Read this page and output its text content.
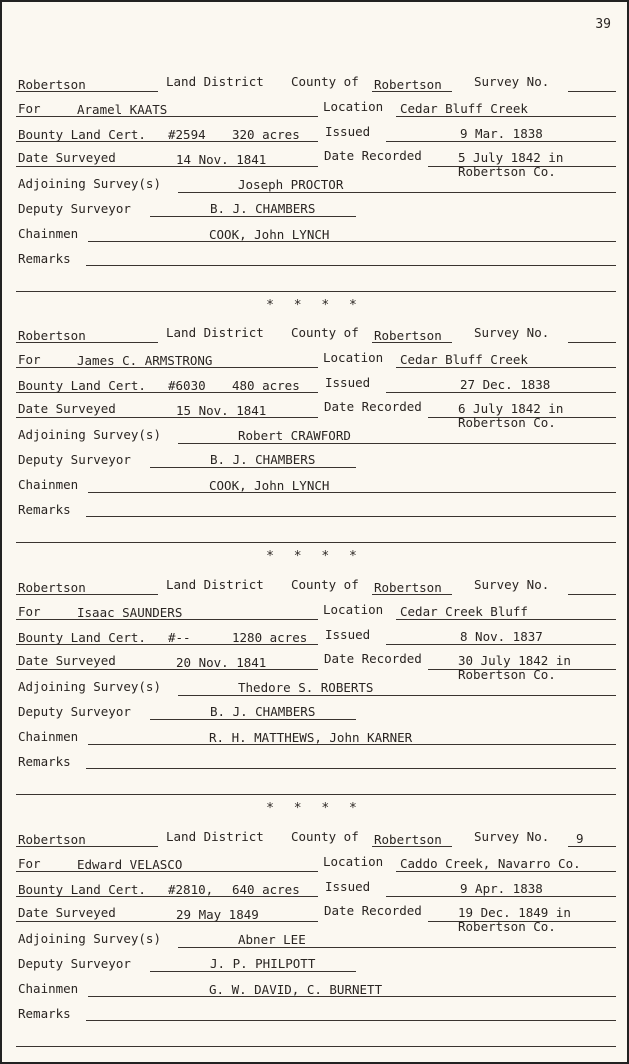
39
Robertson	Land District County of Robertson	Survey No.
For	Aramel KAATS	Location Cedar Bluff Creek
Bounty Land Cert. #2594 320 acres Issued	9 Mar. 1838
Date Surveyed	14 Nov. 1841	Date Recorded	5 July 1842 in
Robertson Co.
Adjoining Survey(s)	Joseph PROCTOR
Deputy Surveyor	B. J. CHAMBERS
Chainmen	COOK, John LYNCH
Remarks
* * * *
Robertson	Land District County of Robertson	Survey No.
For	James C. ARMSTRONG	Location Cedar Bluff Creek
Bounty Land Cert. #6030 480 acres Issued	27 Dec. 1838
Date Surveyed	15 Nov. 1841	Date Recorded	6 July 1842 in
Robertson Co.
Adjoining Survey(s)	Robert CRAWFORD
Deputy Surveyor	B. J. CHAMBERS
Chainmen	COOK, John LYNCH
Remarks
* * * *
Robertson	Land District County of Robertson	Survey No.
For	Isaac SAUNDERS	Location Cedar Creek Bluff
Bounty Land Cert. #--	1280 acres Issued	8 Nov. 1837
Date Surveyed	20 Nov. 1841	Date Recorded	30 July 1842 in
Robertson Co.
Adjoining Survey(s)	Thedore S. ROBERTS
Deputy Surveyor	B. J. CHAMBERS
Chainmen	R. H. MATTHEWS, John KARNER
Remarks
* * * *
Robertson	Land District County of Robertson	Survey No. 9
For	Edward VELASCO	Location Caddo Creek, Navarro Co.
Bounty Land Cert. #2810, 640 acres Issued	9 Apr. 1838
Date Surveyed	29 May 1849	Date Recorded	19 Dec. 1849 in
Robertson Co.
Adjoining Survey(s)	Abner LEE
Deputy Surveyor	J. P. PHILPOTT
Chainmen	G. W. DAVID, C. BURNETT
Remarks
